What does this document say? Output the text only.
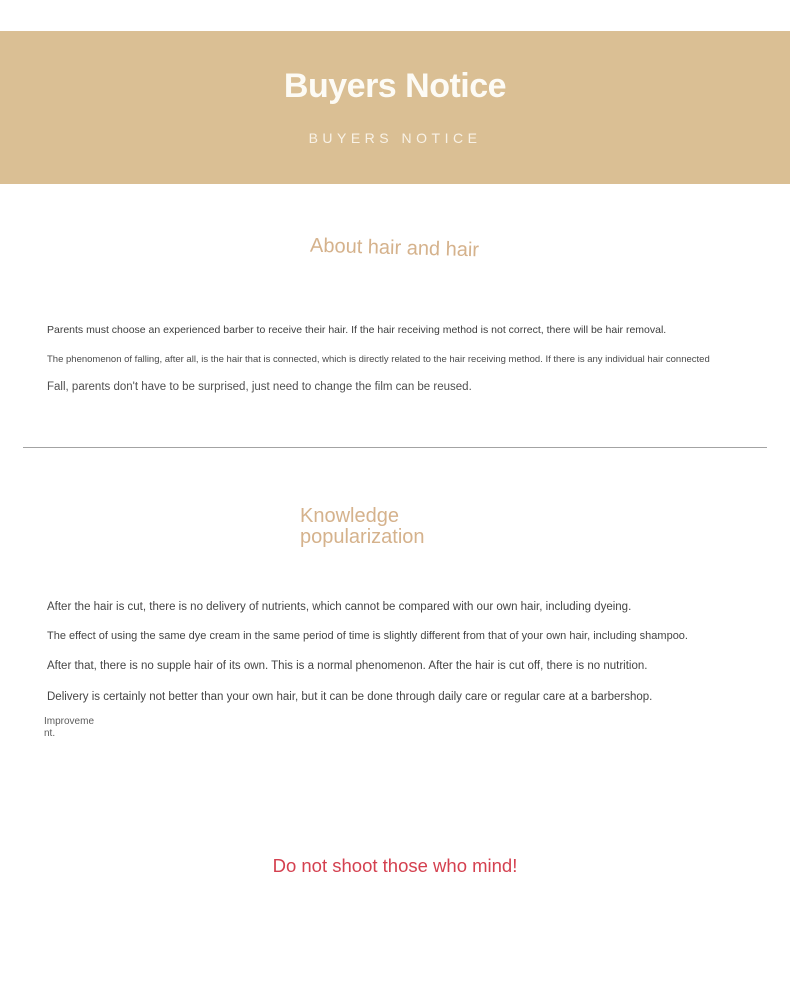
Buyers Notice
BUYERS NOTICE
About hair and hair

Parents must choose an experienced barber to receive their hair. If the hair receiving method is not correct, there will be hair removal.

The phenomenon of falling, after all, is the hair that is connected, which is directly related to the hair receiving method. If there is any individual hair connected

Fall, parents don't have to be surprised, just need to change the film can be reused.

Knowledge
popularization

After the hair is cut, there is no delivery of nutrients, which cannot be compared with our own hair, including dyeing.

The effect of using the same dye cream in the same period of time is slightly different from that of your own hair, including shampoo.

After that, there is no supple hair of its own. This is a normal phenomenon. After the hair is cut off, there is no nutrition.

Delivery is certainly not better than your own hair, but it can be done through daily care or regular care at a barbershop.

Improvement.

Do not shoot those who mind!
